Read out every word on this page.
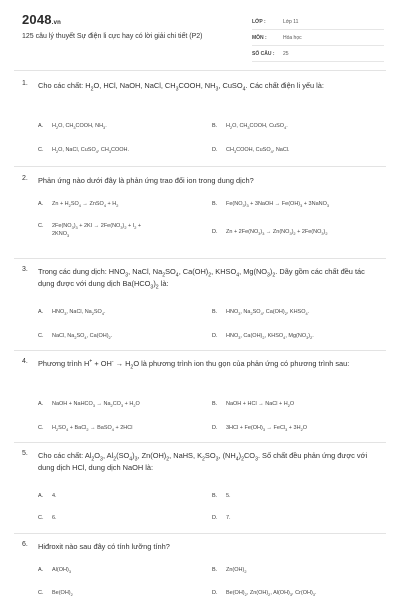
2048.vn
125 câu lý thuyết Sự điện li cực hay có lời giải chi tiết (P2)
LỚP :	Lớp 11
MÔN :	Hóa học
SỐ CÂU :	25
1. Cho các chất: $H_2O$, HCl, NaOH, NaCl, $CH_3COOH$, $NH_3$, CuSO$_4$. Các chất điện li yếu là:
A. $H_2O$, $CH_3COOH$, $NH_3$.	B. $H_2O$, $CH_3COOH$, CuSO$_4$.
C. $H_2O$, NaCl, CuSO$_4$, $CH_3COOH$.	D. $CH_3COOH$, CuSO$_4$, NaCl.
2. Phản ứng nào dưới đây là phản ứng trao đổi ion trong dung dịch?
A. $Zn + H_2SO_4$ → ZnSO$_4$ + $H_2$	B. $Fe(NO_3)_3$ + 3NaOH → $Fe(OH)_3$ + 3NaNO$_3$
C. $2Fe(NO_3)_3 + 2KI \to 2Fe(NO_3)_2 + I_2$ +
$2KNO_3$
D. $Zn + 2Fe(NO_3)_3 \to Zn(NO_3)_2 + 2Fe(NO_3)_2$
3. Trong các dung dịch: $HNO_3$, NaCl, $Na_2SO_4$, $Ca(OH)_2$, $KHSO_4$, $Mg(NO_3)_2$. Dãy gồm các chất đều tác dụng được với dung dịch $Ba(HCO_3)_2$ là:
A. $HNO_3$, NaCl, $Na_2SO_4$.	B. $HNO_3$, $Na_2SO_4$, $Ca(OH)_2$, $KHSO_4$.
C. NaCl, $Na_2SO_4$, $Ca(OH)_2$.	D. $HNO_3$, $Ca(OH)_2$, $KHSO_4$, $Mg(NO_3)_2$.
4. Phương trình $H^+ + OH^- \to H_2O$ là phương trình ion thu gọn của phản ứng có phương trình sau:
A. NaOH + NaHCO$_3$ → $Na_2CO_3 + H_2O$	B. NaOH + HCl → NaCl + $H_2O$
C. $H_2SO_4$ + BaCl$_2$ → BaSO$_4$ + 2HCl	D. $3HCl + Fe(OH)_3$ → FeCl$_3$ + $3H_2O$
5. Cho các chất: $Al_2O_3$, $Al_2(SO_4)_3$, $Zn(OH)_2$, NaHS, $K_2SO_3$, $(NH_4)_2CO_3$. Số chất đều phản ứng được với dung dịch HCl, dung dịch NaOH là:
A. 4.	B. 5.
C. 6.	D. 7.
6. Hiđroxit nào sau đây có tính lưỡng tính?
A. $Al(OH)_3$	B. $Zn(OH)_2$
C. $Be(OH)_2$	D. $Be(OH)_2$, $Zn(OH)_2$, $Al(OH)_3$, $Cr(OH)_3$.
